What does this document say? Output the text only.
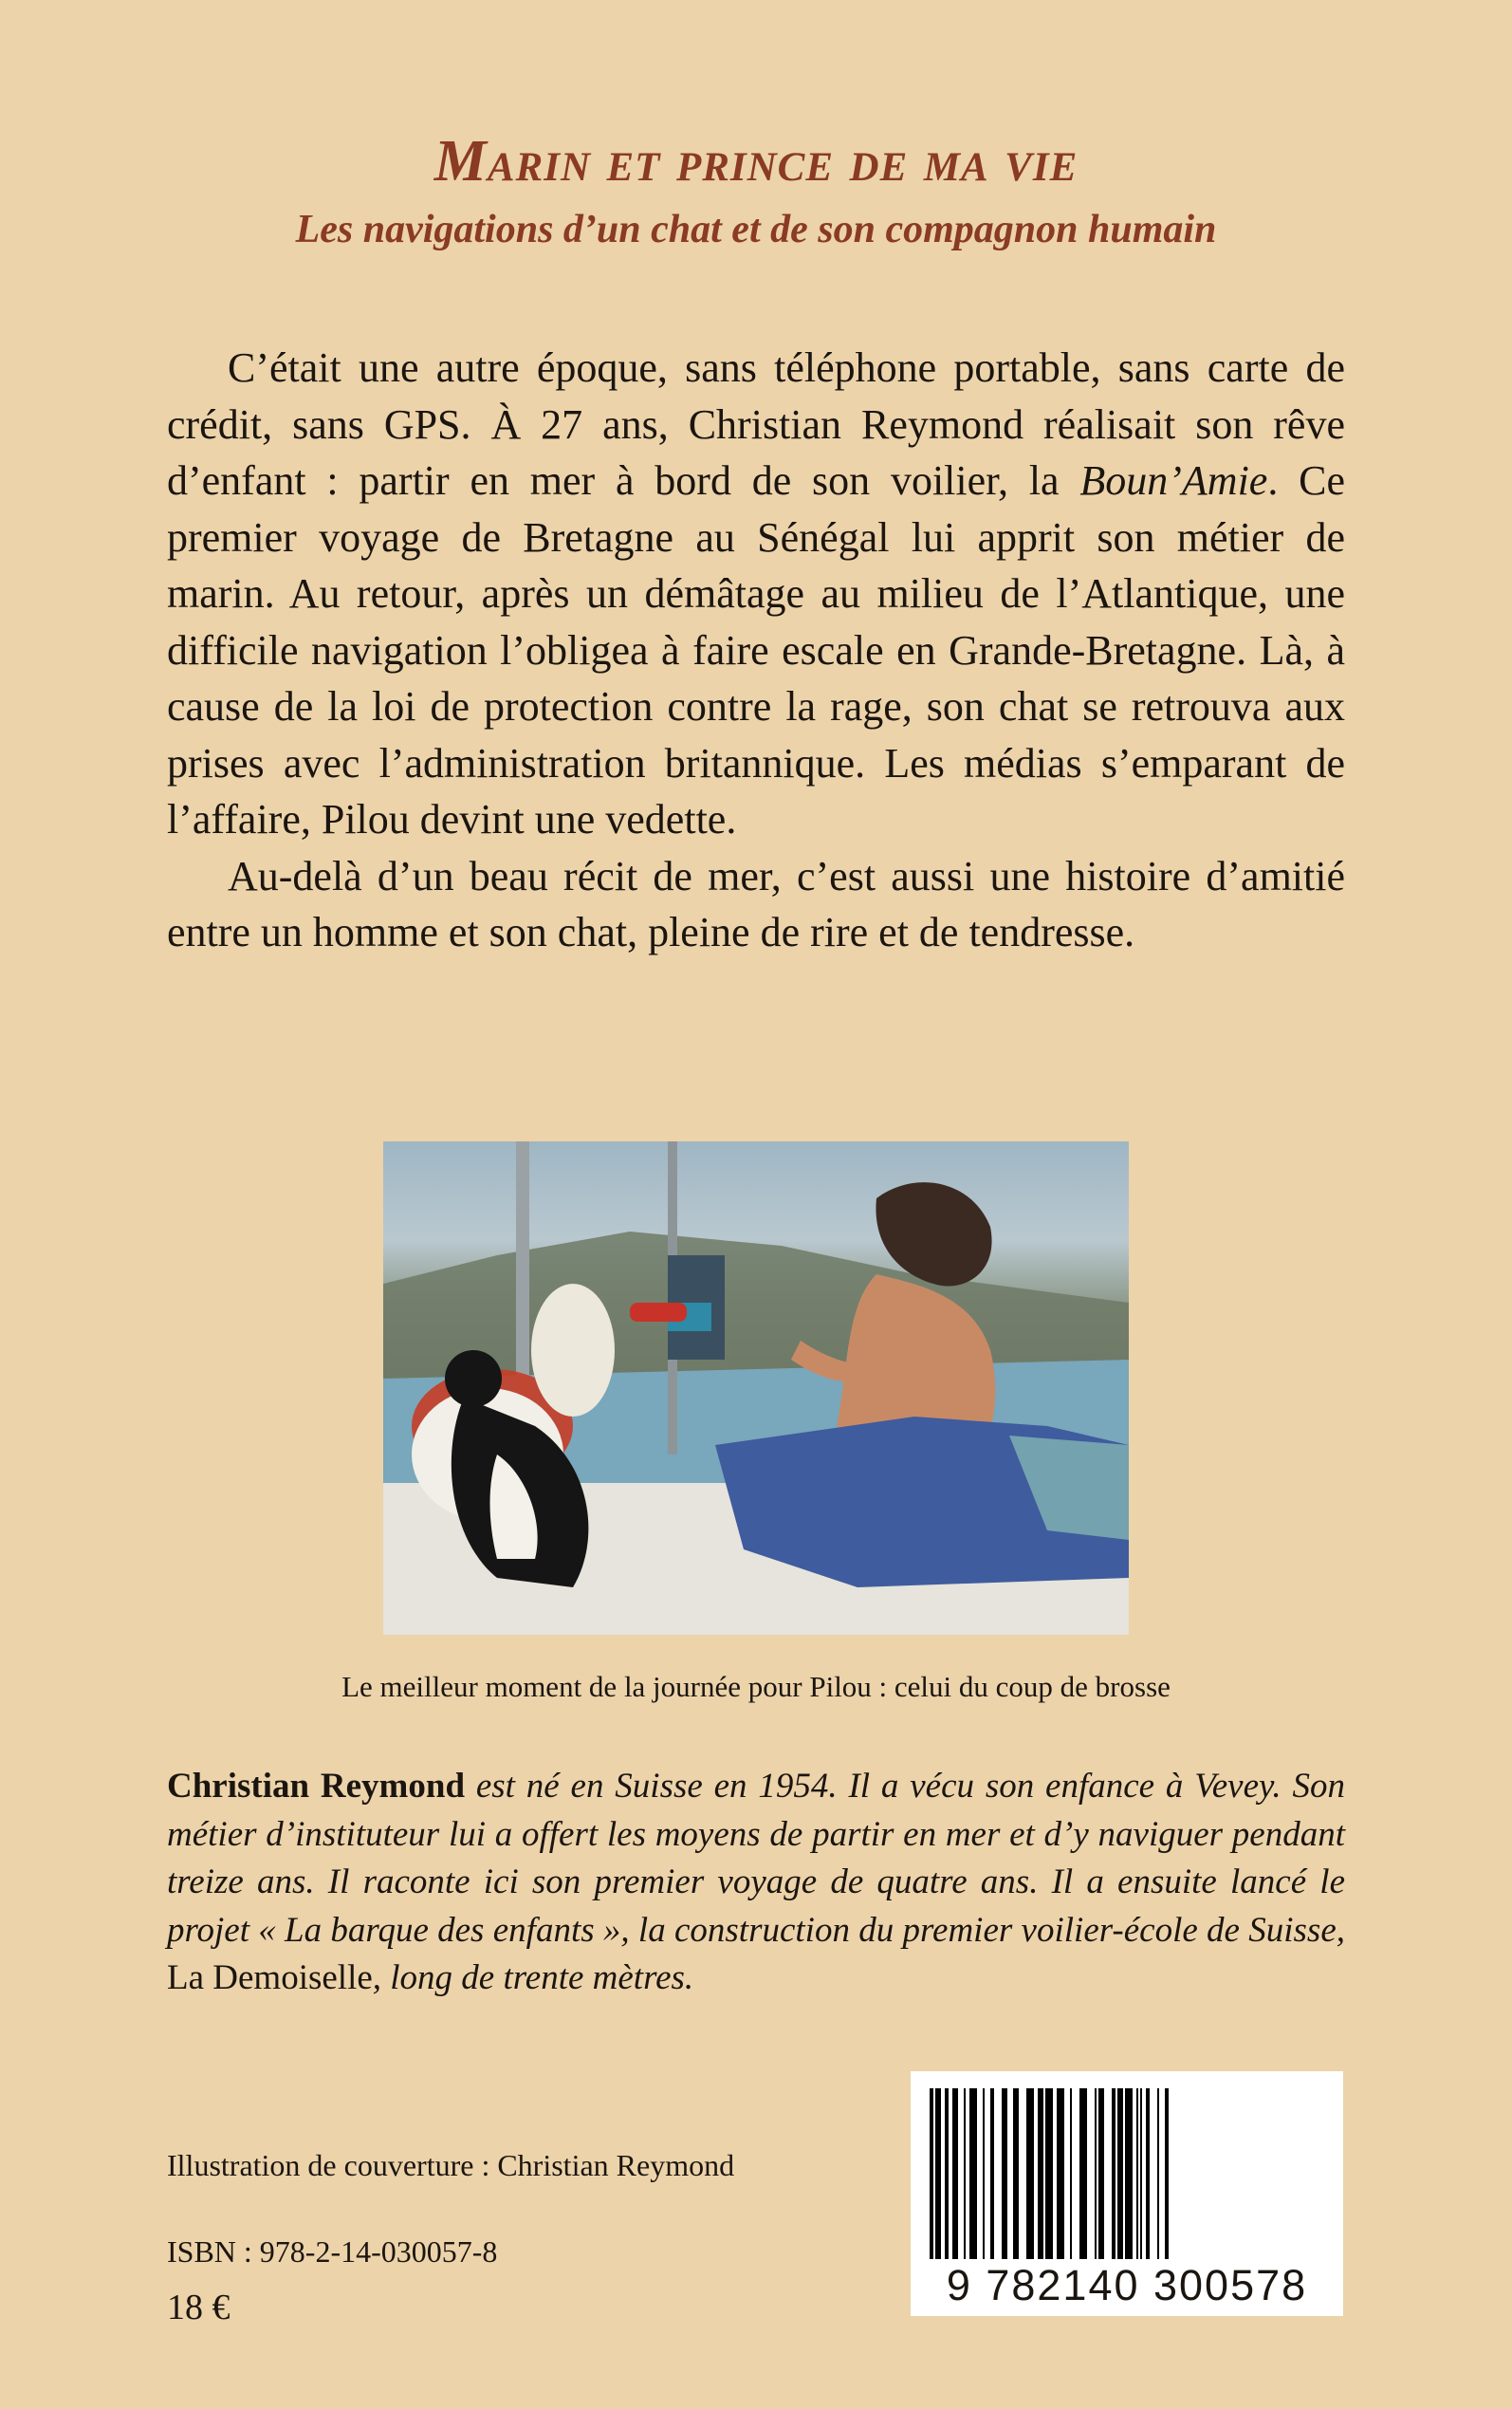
Marin et prince de ma vie
Les navigations d’un chat et de son compagnon humain

C’était une autre époque, sans téléphone portable, sans carte de crédit, sans GPS. À 27 ans, Christian Reymond réalisait son rêve d’enfant : partir en mer à bord de son voilier, la Boun’Amie. Ce premier voyage de Bretagne au Sénégal lui apprit son métier de marin. Au retour, après un démâtage au milieu de l’Atlantique, une difficile navigation l’obligea à faire escale en Grande-Bretagne. Là, à cause de la loi de protection contre la rage, son chat se retrouva aux prises avec l’administration britannique. Les médias s’emparant de l’affaire, Pilou devint une vedette.

Au-delà d’un beau récit de mer, c’est aussi une histoire d’amitié entre un homme et son chat, pleine de rire et de tendresse.

Le meilleur moment de la journée pour Pilou : celui du coup de brosse
Christian Reymond est né en Suisse en 1954. Il a vécu son enfance à Vevey. Son métier d’instituteur lui a offert les moyens de partir en mer et d’y naviguer pendant treize ans. Il raconte ici son premier voyage de quatre ans. Il a ensuite lancé le projet « La barque des enfants », la construction du premier voilier-école de Suisse, La Demoiselle, long de trente mètres.
9 782140 300578
Illustration de couverture : Christian Reymond
ISBN : 978-2-14-030057-8
18 €
